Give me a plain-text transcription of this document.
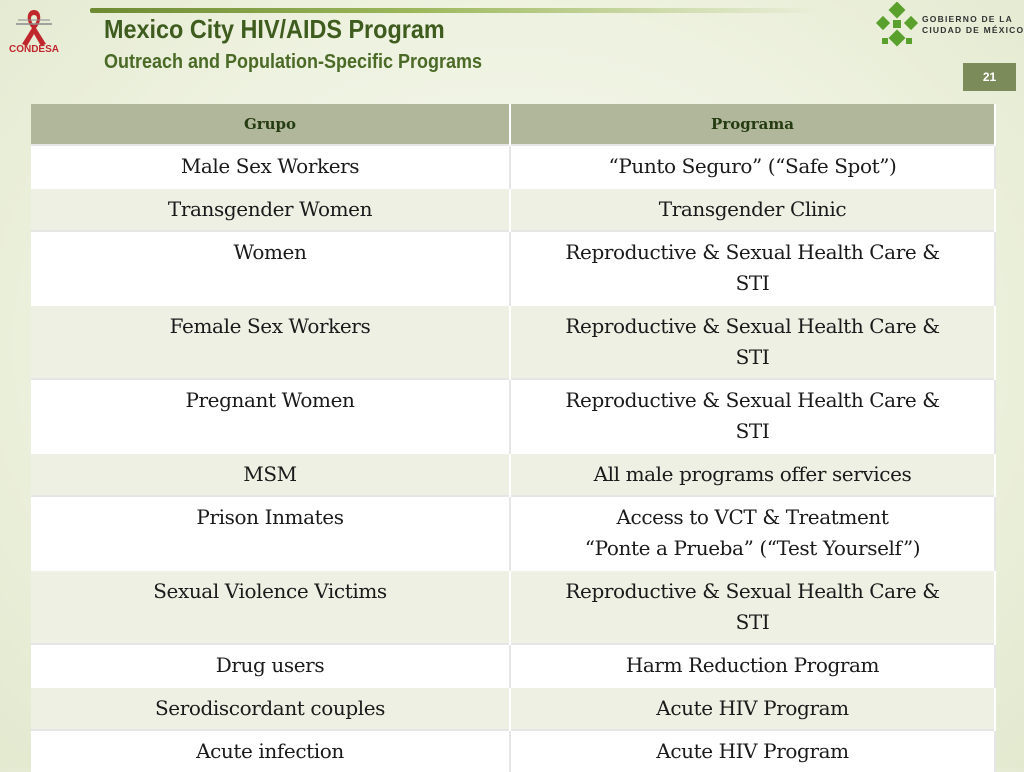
CONDESA
Mexico City HIV/AIDS Program
Outreach and Population-Specific Programs
GOBIERNO DE LA
CIUDAD DE MÉXICO
21
Grupo	Programa
Male Sex Workers	“Punto Seguro” (“Safe Spot”)

Transgender Women	Transgender Clinic

Women	Reproductive & Sexual Health Care &
STI

Female Sex Workers	Reproductive & Sexual Health Care &
STI

Pregnant Women	Reproductive & Sexual Health Care &
STI

MSM	All male programs offer services

Prison Inmates	Access to VCT & Treatment
“Ponte a Prueba” (“Test Yourself”)

Sexual Violence Victims	Reproductive & Sexual Health Care &
STI

Drug users	Harm Reduction Program

Serodiscordant couples	Acute HIV Program

Acute infection	Acute HIV Program
